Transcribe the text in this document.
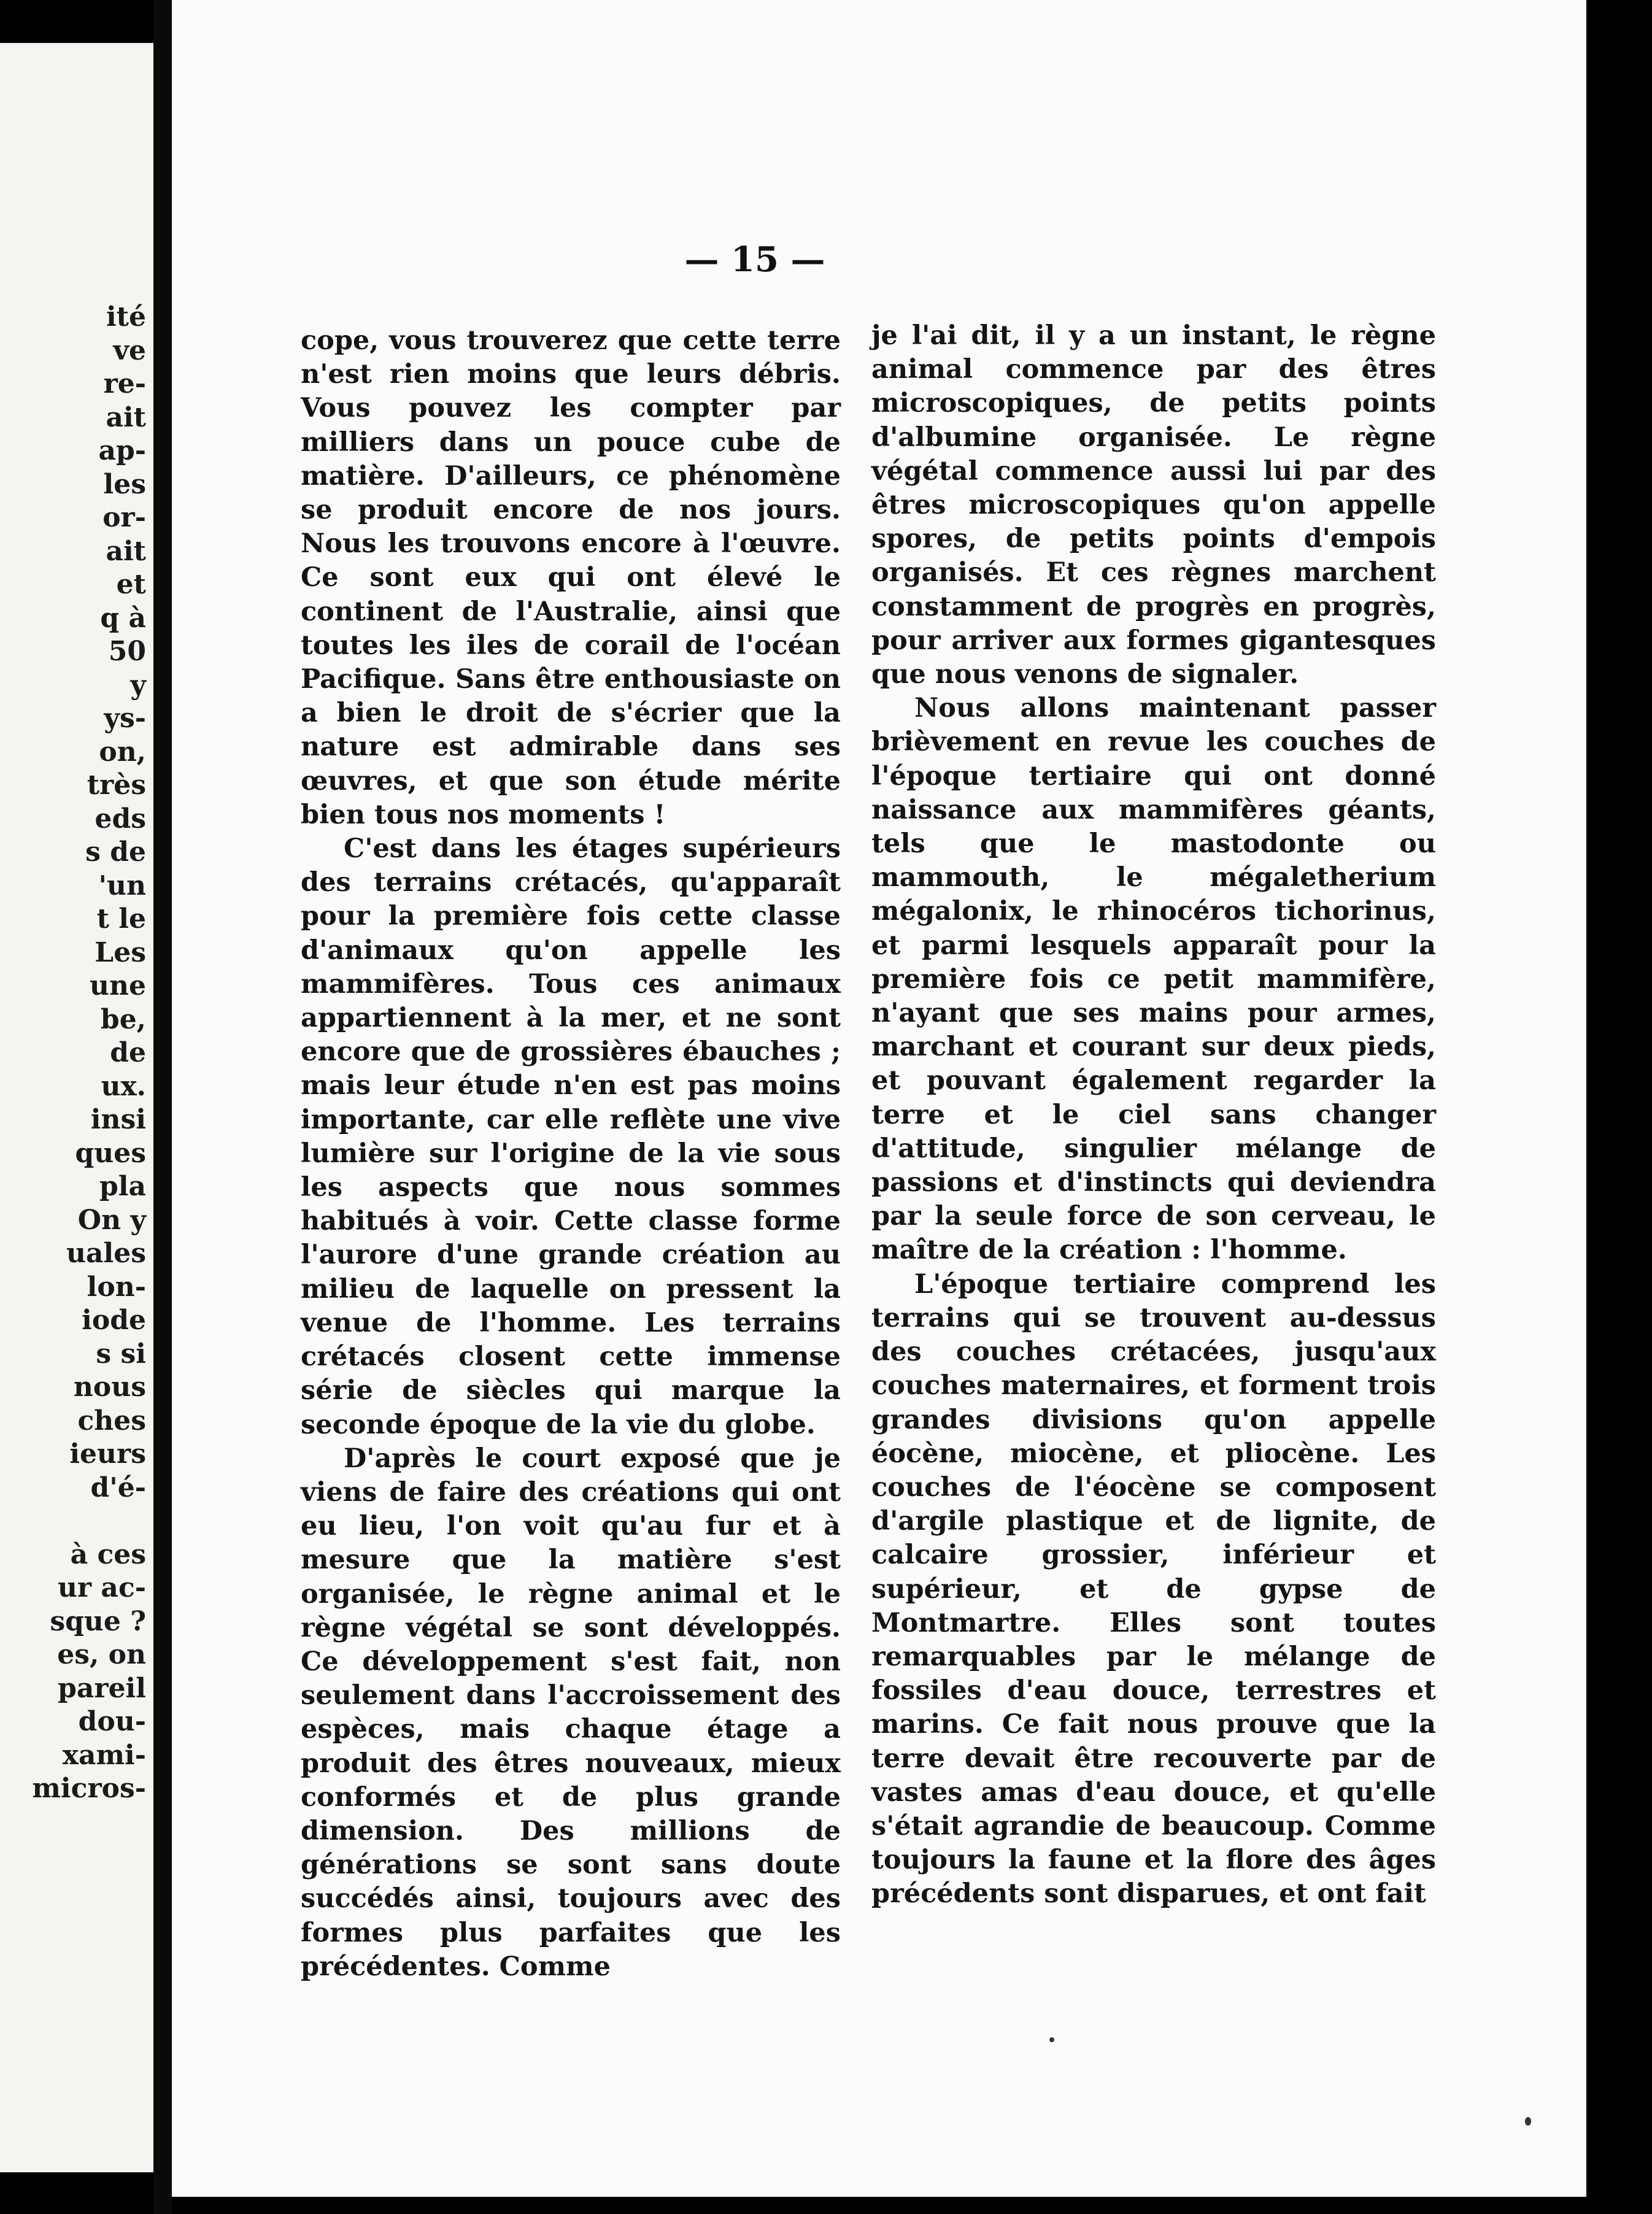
ité
ve
re-
ait
ap-
les
or-
ait
et
q à
50
y
ys-
on,
très
eds
s de
'un
t le
Les
une
be,
de
ux.
insi
ques
pla
On y
uales
lon-
iode
s si
nous
ches
ieurs
d'é-

à ces
ur ac-
sque ?
es, on
pareil
dou-
xami-
micros-
— 15 —

cope, vous trouverez que cette terre n'est rien moins que leurs débris. Vous pouvez les compter par milliers dans un pouce cube de matière. D'ailleurs, ce phénomène se produit encore de nos jours. Nous les trouvons encore à l'œuvre. Ce sont eux qui ont élevé le continent de l'Australie, ainsi que toutes les iles de corail de l'océan Pacifique. Sans être enthousiaste on a bien le droit de s'écrier que la nature est admirable dans ses œuvres, et que son étude mérite bien tous nos moments !

C'est dans les étages supérieurs des terrains crétacés, qu'apparaît pour la première fois cette classe d'animaux qu'on appelle les mammifères. Tous ces animaux appartiennent à la mer, et ne sont encore que de grossières ébauches ; mais leur étude n'en est pas moins importante, car elle reflète une vive lumière sur l'origine de la vie sous les aspects que nous sommes habitués à voir. Cette classe forme l'aurore d'une grande création au milieu de laquelle on pressent la venue de l'homme. Les terrains crétacés closent cette immense série de siècles qui marque la seconde époque de la vie du globe.

D'après le court exposé que je viens de faire des créations qui ont eu lieu, l'on voit qu'au fur et à mesure que la matière s'est organisée, le règne animal et le règne végétal se sont développés. Ce développement s'est fait, non seulement dans l'accroissement des espèces, mais chaque étage a produit des êtres nouveaux, mieux conformés et de plus grande dimension. Des millions de générations se sont sans doute succédés ainsi, toujours avec des formes plus parfaites que les précédentes. Comme

je l'ai dit, il y a un instant, le règne animal commence par des êtres microscopiques, de petits points d'albumine organisée. Le règne végétal commence aussi lui par des êtres microscopiques qu'on appelle spores, de petits points d'empois organisés. Et ces règnes marchent constamment de progrès en progrès, pour arriver aux formes gigantesques que nous venons de signaler.

Nous allons maintenant passer brièvement en revue les couches de l'époque tertiaire qui ont donné naissance aux mammifères géants, tels que le mastodonte ou mammouth, le mégaletherium mégalonix, le rhinocéros tichorinus, et parmi lesquels apparaît pour la première fois ce petit mammifère, n'ayant que ses mains pour armes, marchant et courant sur deux pieds, et pouvant également regarder la terre et le ciel sans changer d'attitude, singulier mélange de passions et d'instincts qui deviendra par la seule force de son cerveau, le maître de la création : l'homme.

L'époque tertiaire comprend les terrains qui se trouvent au-dessus des couches crétacées, jusqu'aux couches maternaires, et forment trois grandes divisions qu'on appelle éocène, miocène, et pliocène. Les couches de l'éocène se composent d'argile plastique et de lignite, de calcaire grossier, inférieur et supérieur, et de gypse de Montmartre. Elles sont toutes remarquables par le mélange de fossiles d'eau douce, terrestres et marins. Ce fait nous prouve que la terre devait être recouverte par de vastes amas d'eau douce, et qu'elle s'était agrandie de beaucoup. Comme toujours la faune et la flore des âges précédents sont disparues, et ont fait
